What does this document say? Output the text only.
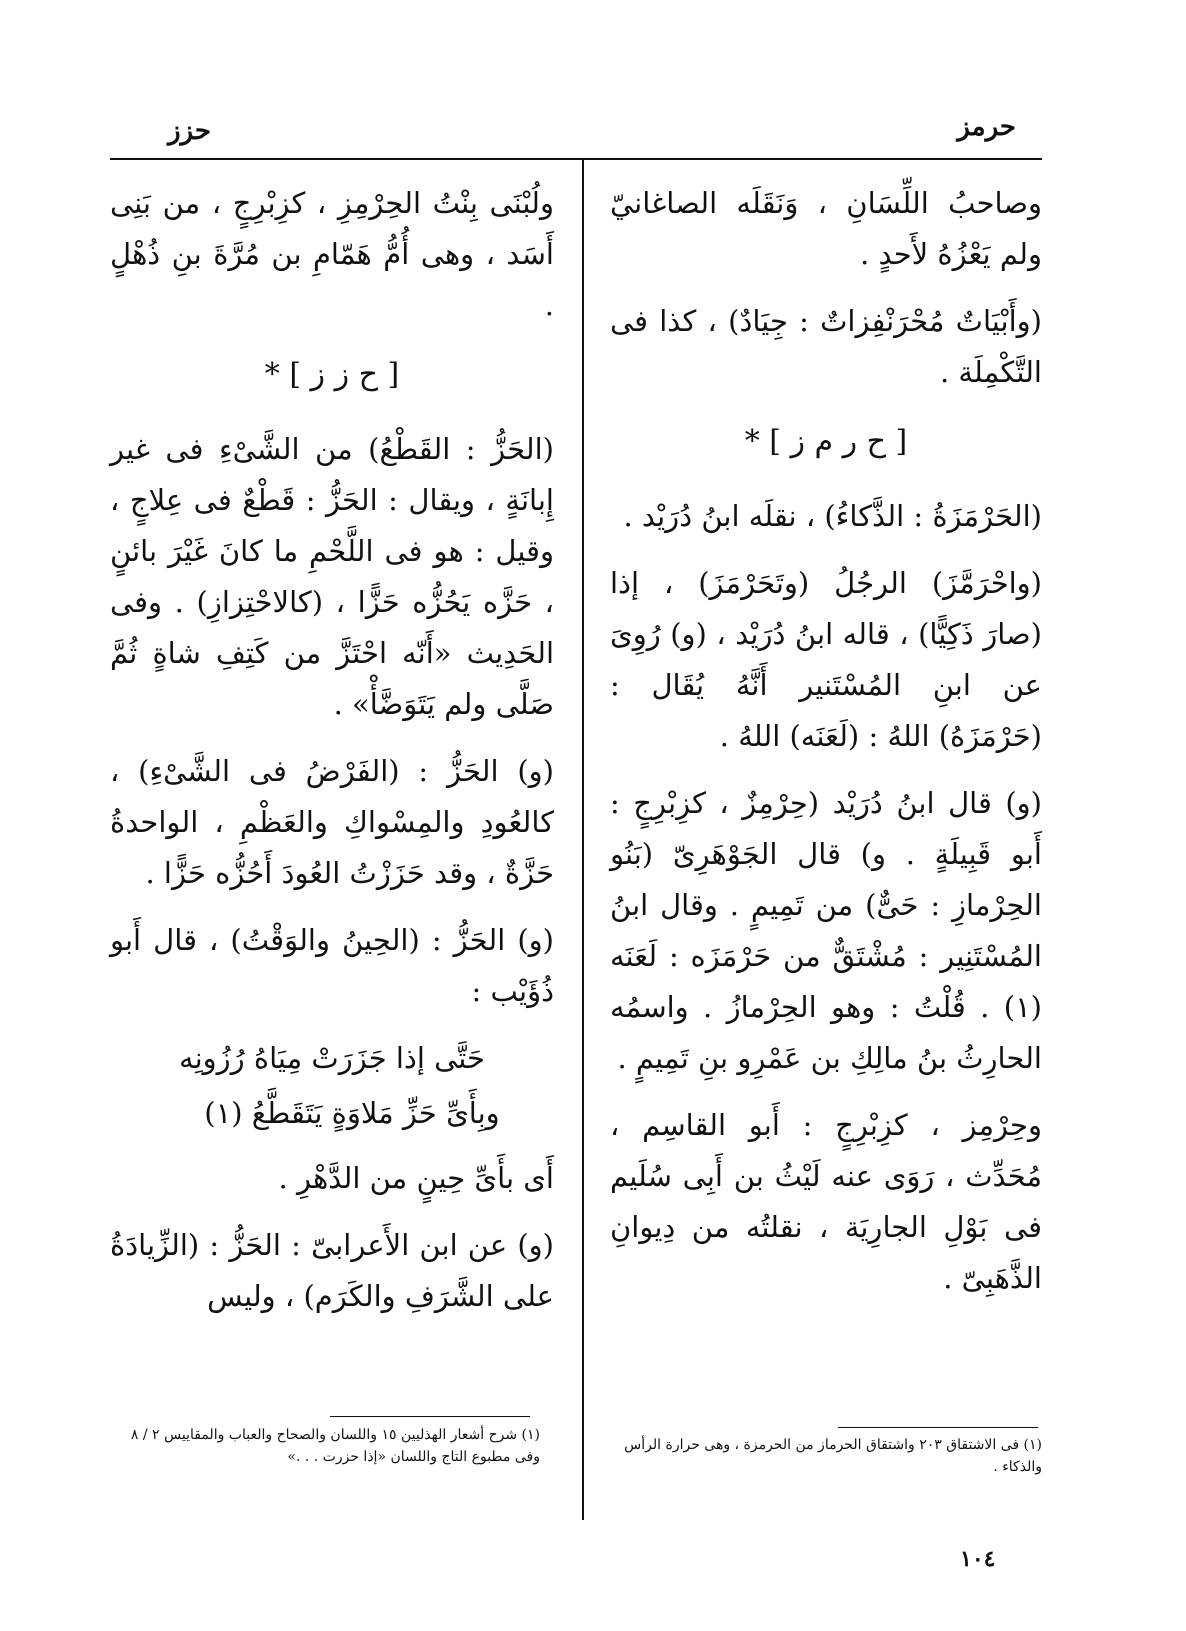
حزز	حرمز

وصاحبُ اللِّسَانِ ، وَنَقَلَه الصاغانيّ ولم يَعْزُهُ لأَحدٍ .

(وأَبْيَاتٌ مُحْرَنْفِزاتٌ : جِيَادٌ) ، كذا فى التَّكْمِلَة .

[ ح ر م ز ] *

(الحَرْمَزَةُ : الذَّكاءُ) ، نقلَه ابنُ دُرَيْد .

(واحْرَمَّزَ) الرجُلُ (وتَحَرْمَزَ) ، إذا (صارَ ذَكِيًّا) ، قاله ابنُ دُرَيْد ، (و) رُوِىَ عن ابنِ المُسْتَنير أَنَّهُ يُقَال : (حَرْمَزَهُ) اللهُ : (لَعَنَه) اللهُ .

(و) قال ابنُ دُرَيْد (حِرْمِزٌ ، كزِبْرِجٍ : أَبو قَبِيلَةٍ . و) قال الجَوْهَرِىّ (بَنُو الحِرْمازِ : حَىٌّ) من تَمِيمٍ . وقال ابنُ المُسْتَنِير : مُشْتَقٌّ من حَرْمَزَه : لَعَنَه (١) . قُلْتُ : وهو الحِرْمازُ . واسمُه الحارِثُ بنُ مالِكِ بن عَمْرِو بنِ تَمِيمٍ .

وحِرْمِز ، كزِبْرِجٍ : أَبو القاسِم ، مُحَدِّث ، رَوَى عنه لَيْثُ بن أَبِى سُلَيم فى بَوْلِ الجارِيَة ، نقلتُه من دِيوانِ الذَّهَبِىّ .

ولُبْنَى بِنْتُ الحِرْمِزِ ، كزِبْرِجٍ ، من بَنِى أَسَد ، وهى أُمُّ هَمّامِ بن مُرَّةَ بنِ ذُهْلٍ .

[ ح ز ز ] *

(الحَزُّ : القَطْعُ) من الشَّىْءِ فى غير إِبانَةٍ ، ويقال : الحَزُّ : قَطْعٌ فى عِلاجٍ ، وقيل : هو فى اللَّحْمِ ما كانَ غَيْرَ بائنٍ ، حَزَّه يَحُزُّه حَزًّا ، (كالاحْتِزازِ) . وفى الحَدِيث «أَنّه احْتَزَّ من كَتِفِ شاةٍ ثُمَّ صَلَّى ولم يَتَوَضَّأْ» .

(و) الحَزُّ : (الفَرْضُ فى الشَّىْءِ) ، كالعُودِ والمِسْواكِ والعَظْمِ ، الواحدةُ حَزَّةٌ ، وقد حَزَزْتُ العُودَ أَحُزُّه حَزًّا .

(و) الحَزُّ : (الحِينُ والوَقْتُ) ، قال أَبو ذُؤَيْب :

حَتَّى إذا جَزَرَتْ مِيَاهُ رُزُونِه

وبِأَىِّ حَزِّ مَلاوَةٍ يَتَقَطَّعُ (١)

أَى بأَىِّ حِينٍ من الدَّهْرِ .

(و) عن ابن الأَعرابىّ : الحَزُّ : (الزِّيادَةُ على الشَّرَفِ والكَرَم) ، وليس

(١) شرح أشعار الهذليين ١٥ واللسان والصحاح والعباب والمقاييس ٢ / ٨ وفى مطبوع التاج واللسان «إذا حزرت . . .»
(١) فى الاشتقاق ٢٠٣ واشتقاق الحرماز من الحرمزة ، وهى حرارة الرأس والذكاء .
١٠٤
